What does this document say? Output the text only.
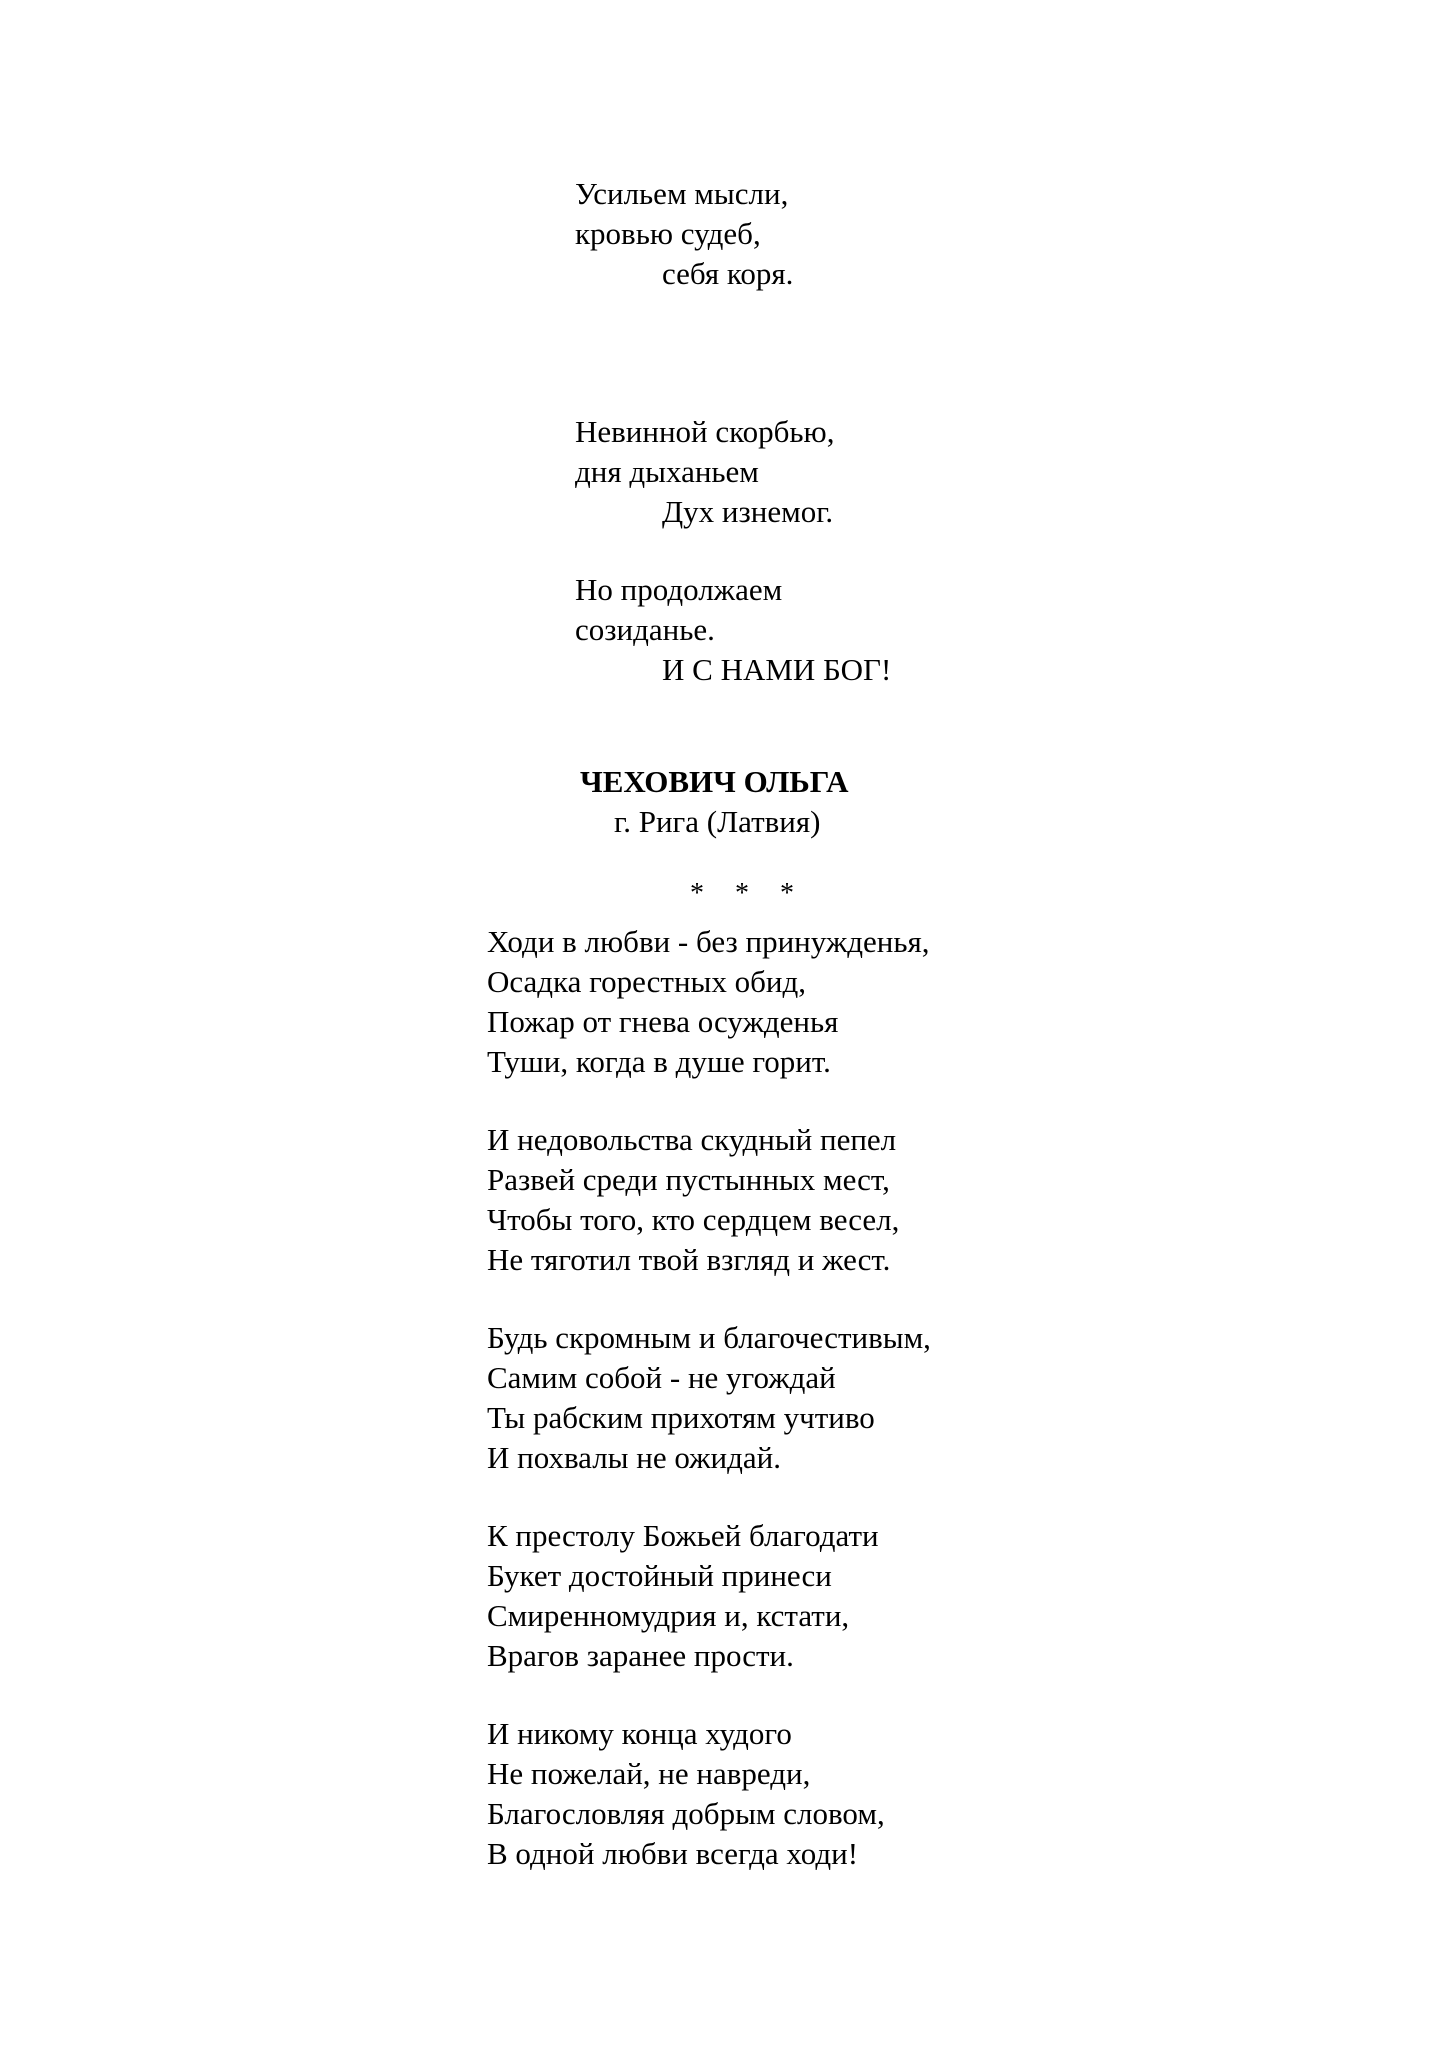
Усильем мысли,
кровью судеб,
себя коря.
Невинной скорбью,
дня дыханьем
Дух изнемог.
Но продолжаем
созиданье.
И С НАМИ БОГ!
ЧЕХОВИЧ ОЛЬГА
г. Рига (Латвия)
* * *
Ходи в любви - без принужденья,
Осадка горестных обид,
Пожар от гнева осужденья
Туши, когда в душе горит.
И недовольства скудный пепел
Развей среди пустынных мест,
Чтобы того, кто сердцем весел,
Не тяготил твой взгляд и жест.
Будь скромным и благочестивым,
Самим собой - не угождай
Ты рабским прихотям учтиво
И похвалы не ожидай.
К престолу Божьей благодати
Букет достойный принеси
Смиренномудрия и, кстати,
Врагов заранее прости.
И никому конца худого
Не пожелай, не навреди,
Благословляя добрым словом,
В одной любви всегда ходи!
